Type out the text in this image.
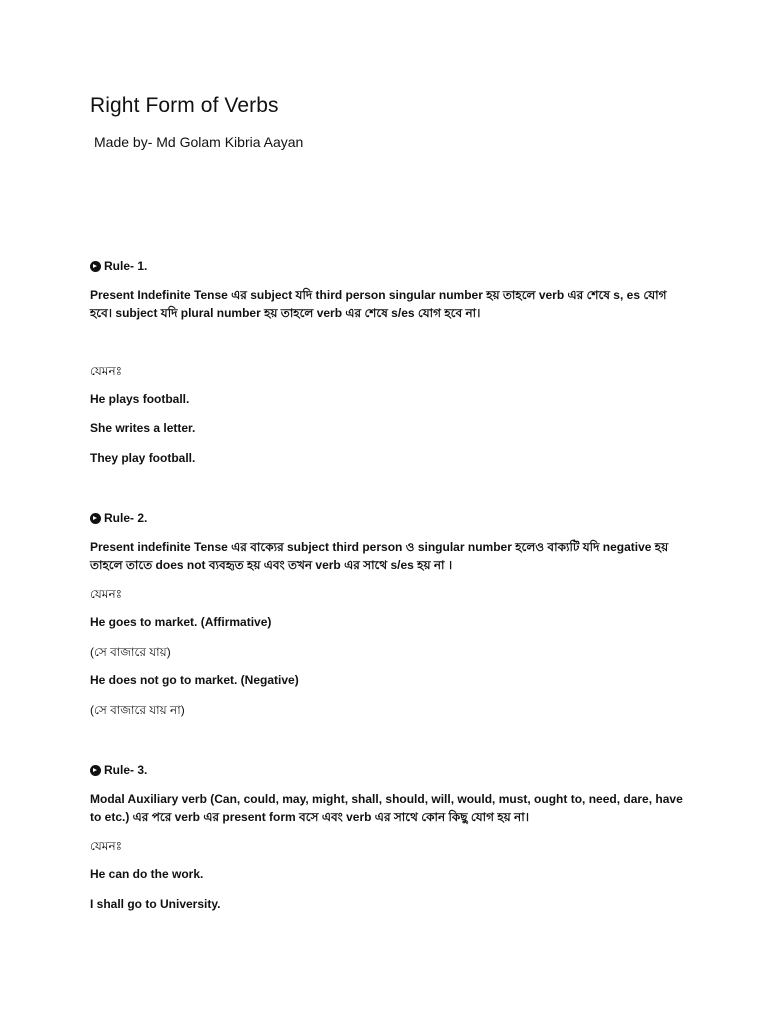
Right Form of Verbs

Made by- Md Golam Kibria Aayan

Rule- 1.

Present Indefinite Tense এর subject যদি third person singular number হয় তাহলে verb এর শেষে s, es যোগ
হবে। subject যদি plural number হয় তাহলে verb এর শেষে s/es যোগ হবে না।

যেমনঃ

He plays football.

She writes a letter.

They play football.

Rule- 2.

Present indefinite Tense এর বাক্যের subject third person ও singular number হলেও বাক্যটি যদি negative হয়
তাহলে তাতে does not ব্যবহৃত হয় এবং তখন verb এর সাথে s/es হয় না ।

যেমনঃ

He goes to market. (Affirmative)

(সে বাজারে যায়)

He does not go to market. (Negative)

(সে বাজারে যায় না)

Rule- 3.

Modal Auxiliary verb (Can, could, may, might, shall, should, will, would, must, ought to, need, dare, have
to etc.) এর পরে verb এর present form বসে এবং verb এর সাথে কোন কিছু যোগ হয় না।

যেমনঃ

He can do the work.

I shall go to University.
